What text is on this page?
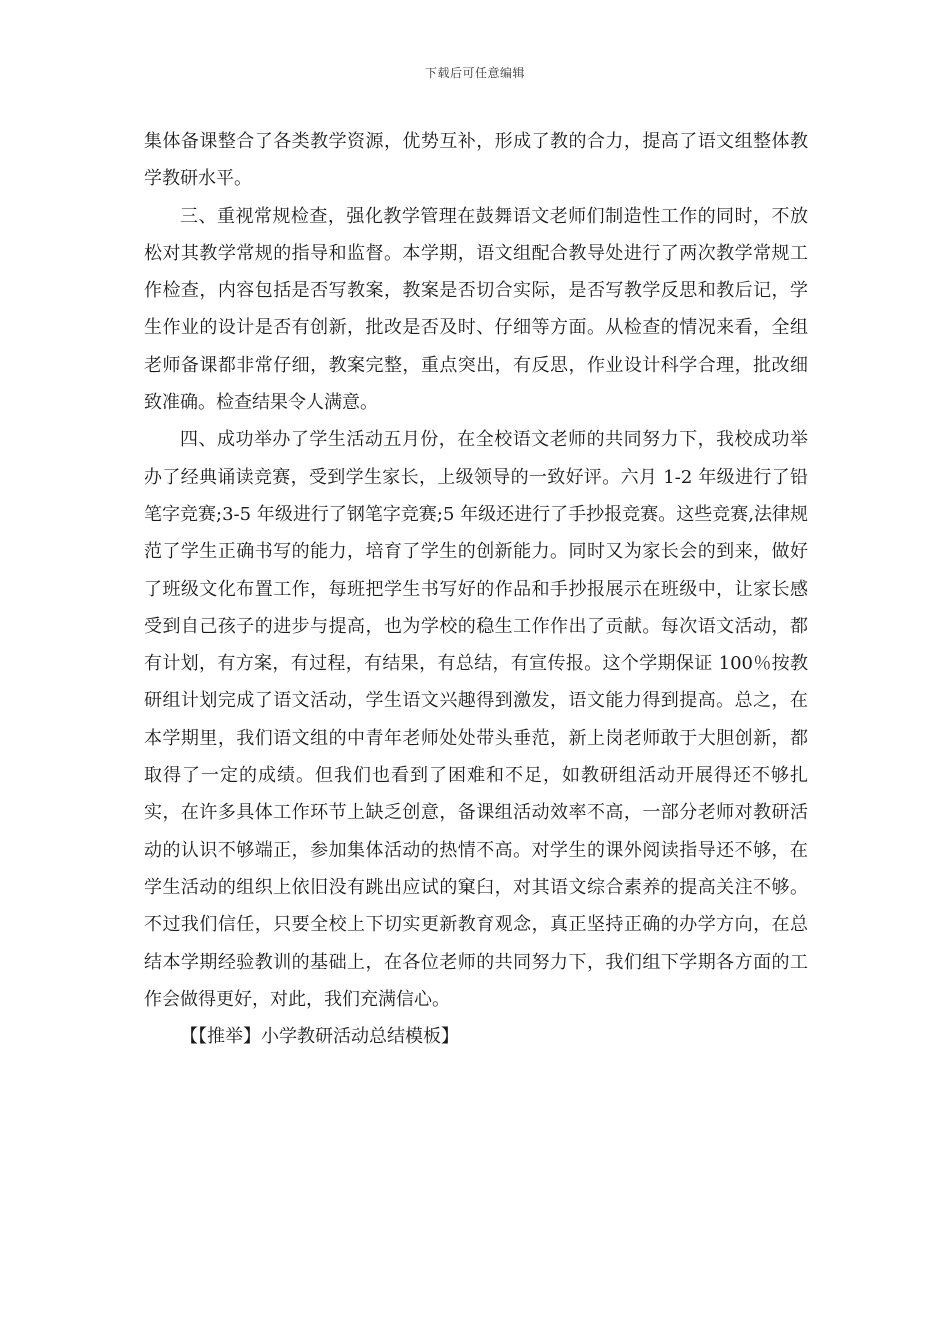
下载后可任意编辑

集体备课整合了各类教学资源，优势互补，形成了教的合力，提高了语文组整体教学教研水平。

三、重视常规检查，强化教学管理在鼓舞语文老师们制造性工作的同时，不放松对其教学常规的指导和监督。本学期，语文组配合教导处进行了两次教学常规工作检查，内容包括是否写教案，教案是否切合实际，是否写教学反思和教后记，学生作业的设计是否有创新，批改是否及时、仔细等方面。从检查的情况来看，全组老师备课都非常仔细，教案完整，重点突出，有反思，作业设计科学合理，批改细致准确。检查结果令人满意。

四、成功举办了学生活动五月份，在全校语文老师的共同努力下，我校成功举办了经典诵读竞赛，受到学生家长，上级领导的一致好评。六月 1-2 年级进行了铅笔字竞赛;3-5 年级进行了钢笔字竞赛;5 年级还进行了手抄报竞赛。这些竞赛,法律规范了学生正确书写的能力，培育了学生的创新能力。同时又为家长会的到来，做好了班级文化布置工作，每班把学生书写好的作品和手抄报展示在班级中，让家长感受到自己孩子的进步与提高，也为学校的稳生工作作出了贡献。每次语文活动，都有计划，有方案，有过程，有结果，有总结，有宣传报。这个学期保证 100％按教研组计划完成了语文活动，学生语文兴趣得到激发，语文能力得到提高。总之，在本学期里，我们语文组的中青年老师处处带头垂范，新上岗老师敢于大胆创新，都取得了一定的成绩。但我们也看到了困难和不足，如教研组活动开展得还不够扎实，在许多具体工作环节上缺乏创意，备课组活动效率不高，一部分老师对教研活动的认识不够端正，参加集体活动的热情不高。对学生的课外阅读指导还不够，在学生活动的组织上依旧没有跳出应试的窠臼，对其语文综合素养的提高关注不够。不过我们信任，只要全校上下切实更新教育观念，真正坚持正确的办学方向，在总结本学期经验教训的基础上，在各位老师的共同努力下，我们组下学期各方面的工作会做得更好，对此，我们充满信心。

【【推举】小学教研活动总结模板】
